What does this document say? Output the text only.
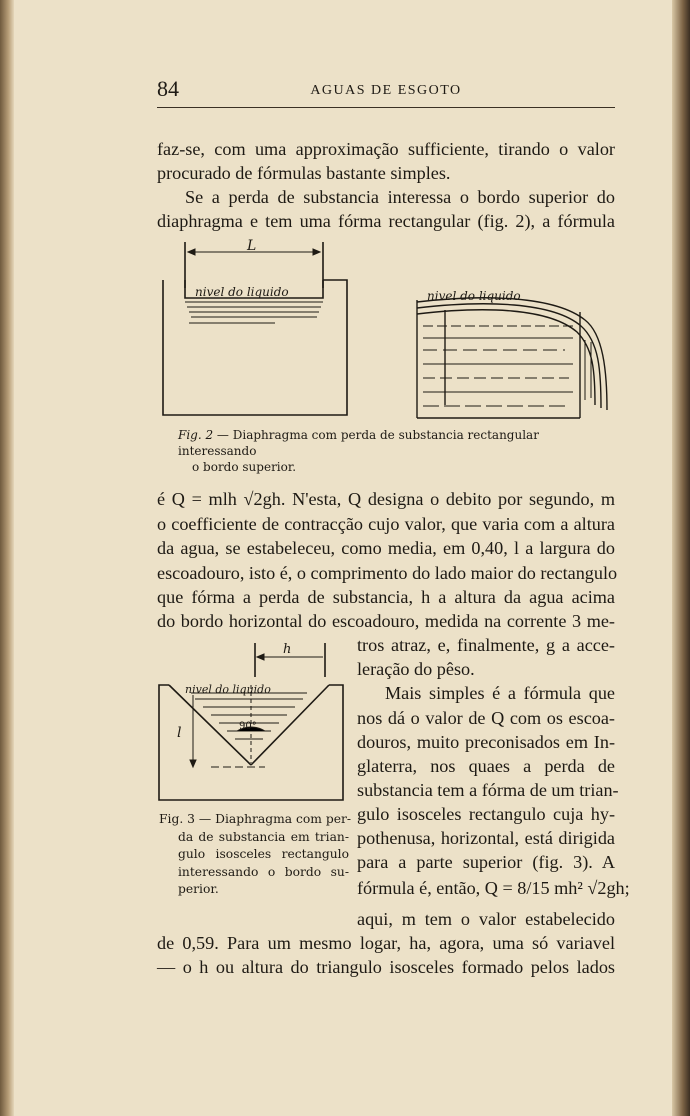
84	AGUAS DE ESGOTO
faz-se, com uma approximação sufficiente, tirando o valor
procurado de fórmulas bastante simples.
Se a perda de substancia interessa o bordo superior do
diaphragma e tem uma fórma rectangular (fig. 2), a fórmula
L
nivel do liquido	nivel do liquido
Fig. 2 — Diaphragma com perda de substancia rectangular interessando
o bordo superior.
é Q = mlh √2gh. N'esta, Q designa o debito por segundo, m
o coefficiente de contracção cujo valor, que varia com a altura
da agua, se estabeleceu, como media, em 0,40, l a largura do
escoadouro, isto é, o comprimento do lado maior do rectangulo
que fórma a perda de substancia, h a altura da agua acima
do bordo horizontal do escoadouro, medida na corrente 3 me-
h
l	90°
nivel do liquido
Fig. 3 — Diaphragma com per-
da de substancia em trian-
gulo isosceles rectangulo
interessando o bordo su-
perior.
tros atraz, e, finalmente, g a acce-
leração do pêso.
Mais simples é a fórmula que
nos dá o valor de Q com os escoa-
douros, muito preconisados em In-
glaterra, nos quaes a perda de
substancia tem a fórma de um trian-
gulo isosceles rectangulo cuja hy-
pothenusa, horizontal, está dirigida
para a parte superior (fig. 3). A
fórmula é, então, Q = 8/15 mh² √2gh;
aqui, m tem o valor estabelecido
de 0,59. Para um mesmo logar, ha, agora, uma só variavel
— o h ou altura do triangulo isosceles formado pelos lados
